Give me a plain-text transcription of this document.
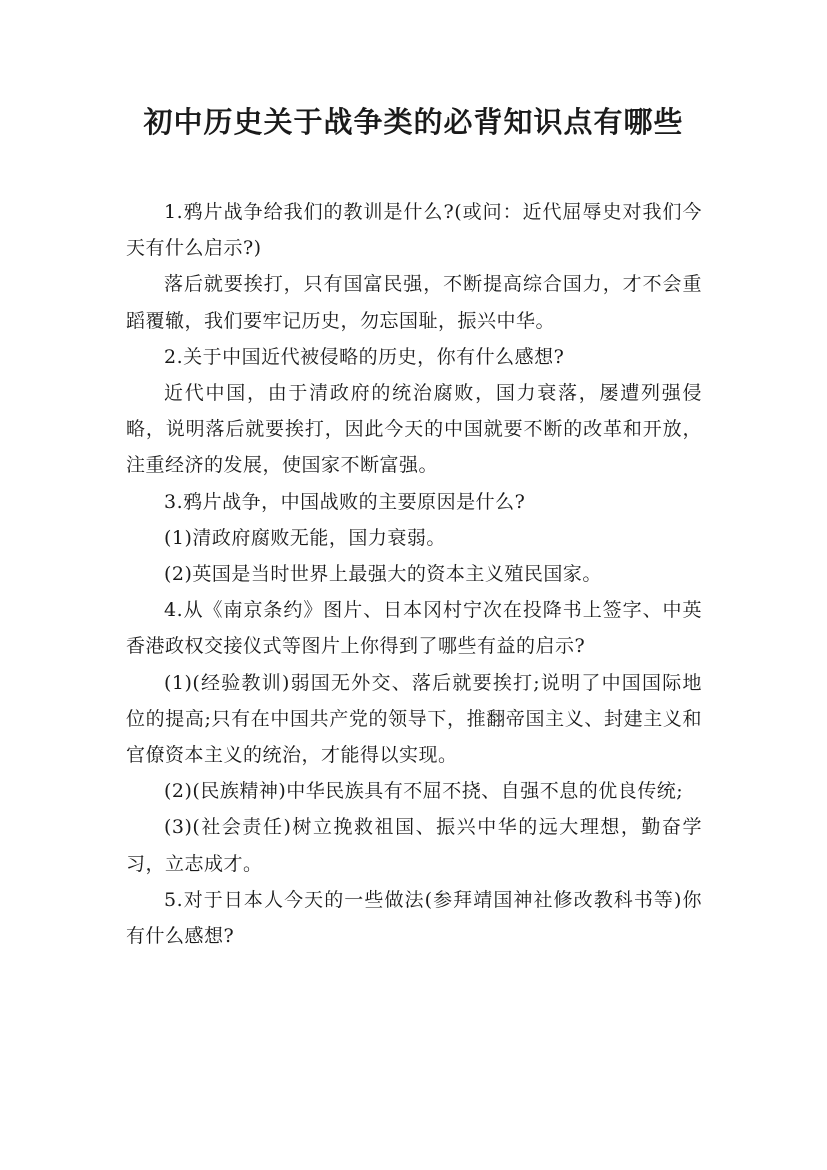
初中历史关于战争类的必背知识点有哪些

1.鸦片战争给我们的教训是什么?(或问：近代屈辱史对我们今天有什么启示?)

落后就要挨打，只有国富民强，不断提高综合国力，才不会重蹈覆辙，我们要牢记历史，勿忘国耻，振兴中华。

2.关于中国近代被侵略的历史，你有什么感想?

近代中国，由于清政府的统治腐败，国力衰落，屡遭列强侵略，说明落后就要挨打，因此今天的中国就要不断的改革和开放，注重经济的发展，使国家不断富强。

3.鸦片战争，中国战败的主要原因是什么?

(1)清政府腐败无能，国力衰弱。

(2)英国是当时世界上最强大的资本主义殖民国家。

4.从《南京条约》图片、日本冈村宁次在投降书上签字、中英香港政权交接仪式等图片上你得到了哪些有益的启示?

(1)(经验教训)弱国无外交、落后就要挨打;说明了中国国际地位的提高;只有在中国共产党的领导下，推翻帝国主义、封建主义和官僚资本主义的统治，才能得以实现。

(2)(民族精神)中华民族具有不屈不挠、自强不息的优良传统;

(3)(社会责任)树立挽救祖国、振兴中华的远大理想，勤奋学习，立志成才。

5.对于日本人今天的一些做法(参拜靖国神社修改教科书等)你有什么感想?
